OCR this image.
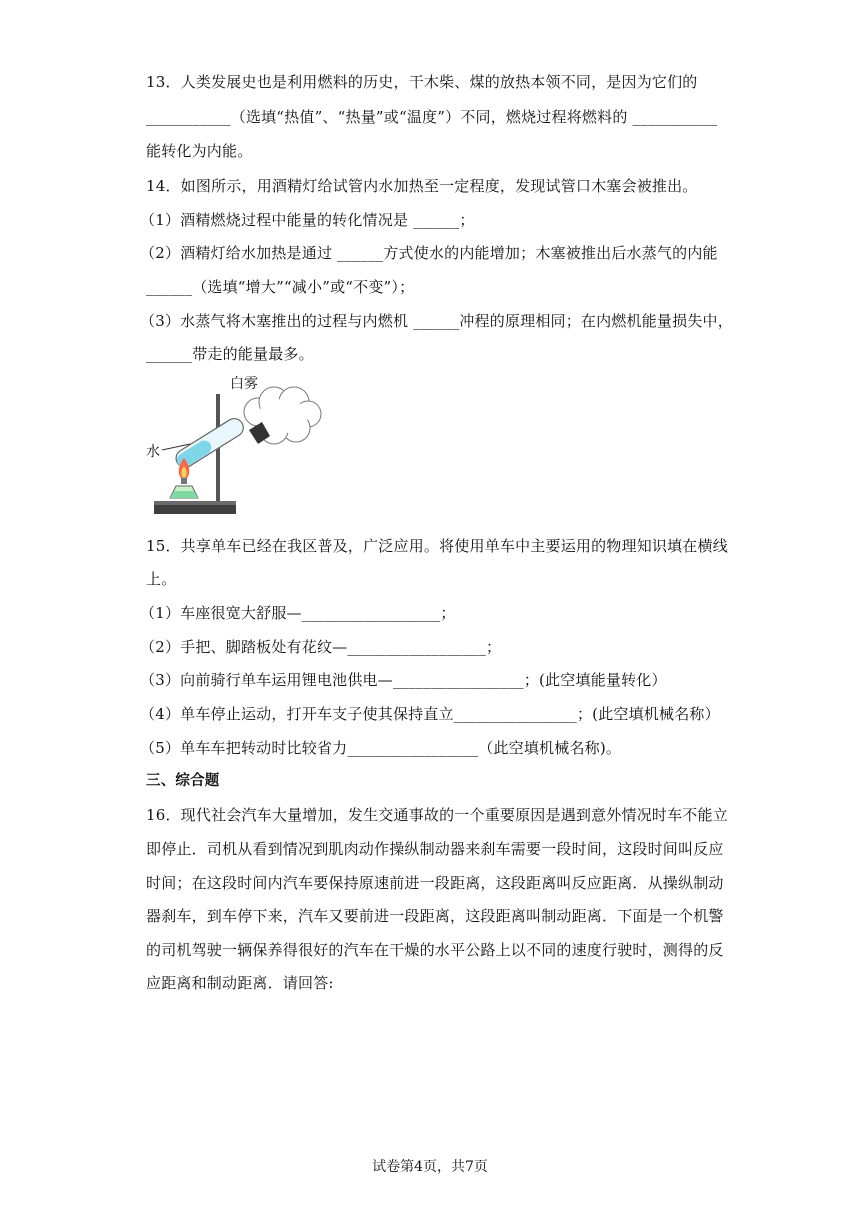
13．人类发展史也是利用燃料的历史，干木柴、煤的放热本领不同，是因为它们的
___________（选填“热值”、“热量”或“温度”）不同，燃烧过程将燃料的 ___________
能转化为内能。
14．如图所示，用酒精灯给试管内水加热至一定程度，发现试管口木塞会被推出。
（1）酒精燃烧过程中能量的转化情况是 ______；
（2）酒精灯给水加热是通过 ______方式使水的内能增加；木塞被推出后水蒸气的内能
______（选填“增大”“减小”或“不变”）；
（3）水蒸气将木塞推出的过程与内燃机 ______冲程的原理相同；在内燃机能量损失中，
______带走的能量最多。
水
白雾
15．共享单车已经在我区普及，广泛应用。将使用单车中主要运用的物理知识填在横线
上。
（1）车座很宽大舒服—__________________；
（2）手把、脚踏板处有花纹—__________________；
（3）向前骑行单车运用锂电池供电—_________________；(此空填能量转化）
（4）单车停止运动，打开车支子使其保持直立________________；(此空填机械名称）
（5）单车车把转动时比较省力_________________（此空填机械名称)。
三、综合题
16．现代社会汽车大量增加，发生交通事故的一个重要原因是遇到意外情况时车不能立
即停止．司机从看到情况到肌肉动作操纵制动器来刹车需要一段时间，这段时间叫反应
时间；在这段时间内汽车要保持原速前进一段距离，这段距离叫反应距离．从操纵制动
器刹车，到车停下来，汽车又要前进一段距离，这段距离叫制动距离．下面是一个机警
的司机驾驶一辆保养得很好的汽车在干燥的水平公路上以不同的速度行驶时，测得的反
应距离和制动距离．请回答:
试卷第4页，共7页
